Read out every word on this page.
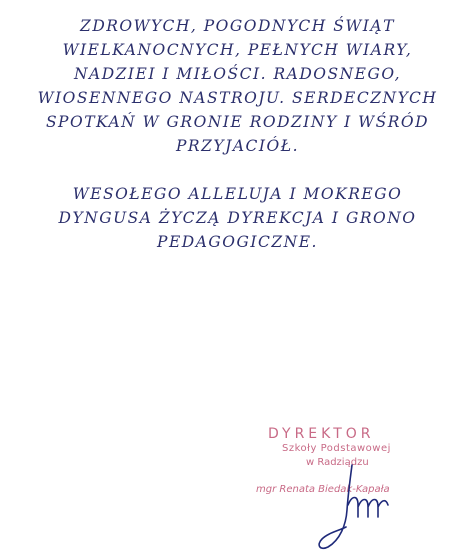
ZDROWYCH, POGODNYCH ŚWIĄT
WIELKANOCNYCH, PEŁNYCH WIARY,
NADZIEI I MIŁOŚCI. RADOSNEGO,
WIOSENNEGO NASTROJU. SERDECZNYCH
SPOTKAŃ W GRONIE RODZINY I WŚRÓD
PRZYJACIÓŁ.
WESOŁEGO ALLELUJA I MOKREGO
DYNGUSA ŻYCZĄ DYREKCJA I GRONO
PEDAGOGICZNE.
DYREKTOR
Szkoły Podstawowej
w Radziądzu
mgr Renata Biedak-Kapała
